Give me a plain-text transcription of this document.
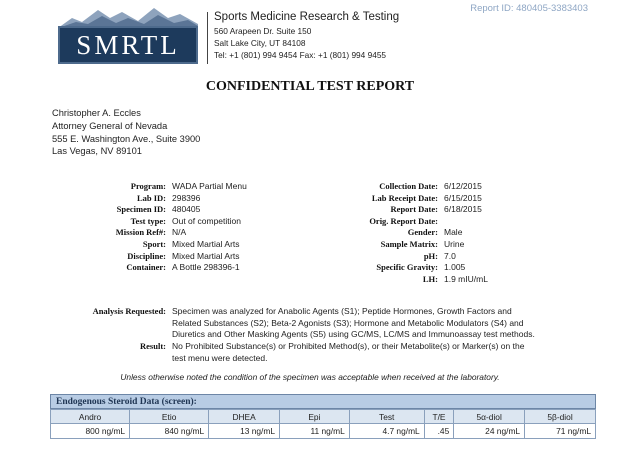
Report ID: 480405-3383403
SMRTL
Sports Medicine Research & Testing
560 Arapeen Dr. Suite 150
Salt Lake City, UT 84108
Tel: +1 (801) 994 9454 Fax: +1 (801) 994 9455
CONFIDENTIAL TEST REPORT
Christopher A. Eccles
Attorney General of Nevada
555 E. Washington Ave., Suite 3900
Las Vegas, NV 89101
Program: WADA Partial Menu
Lab ID: 298396
Specimen ID: 480405
Test type: Out of competition
Mission Ref#: N/A
Sport: Mixed Martial Arts
Discipline: Mixed Martial Arts
Container: A Bottle 298396-1
Collection Date: 6/12/2015
Lab Receipt Date: 6/15/2015
Report Date: 6/18/2015
Orig. Report Date:
Gender: Male
Sample Matrix: Urine
pH: 7.0
Specific Gravity: 1.005
LH: 1.9 mIU/mL
Analysis Requested: Specimen was analyzed for Anabolic Agents (S1); Peptide Hormones, Growth Factors and
Related Substances (S2); Beta-2 Agonists (S3); Hormone and Metabolic Modulators (S4) and
Diuretics and Other Masking Agents (S5) using GC/MS, LC/MS and Immunoassay test methods.
Result: No Prohibited Substance(s) or Prohibited Method(s), or their Metabolite(s) or Marker(s) on the
test menu were detected.
Unless otherwise noted the condition of the specimen was acceptable when received at the laboratory.
Endogenous Steroid Data (screen):
Andro	Etio	DHEA	Epi	Test	T/E	5α-diol	5β-diol
800 ng/mL	840 ng/mL	13 ng/mL	11 ng/mL	4.7 ng/mL	.45	24 ng/mL	71 ng/mL
